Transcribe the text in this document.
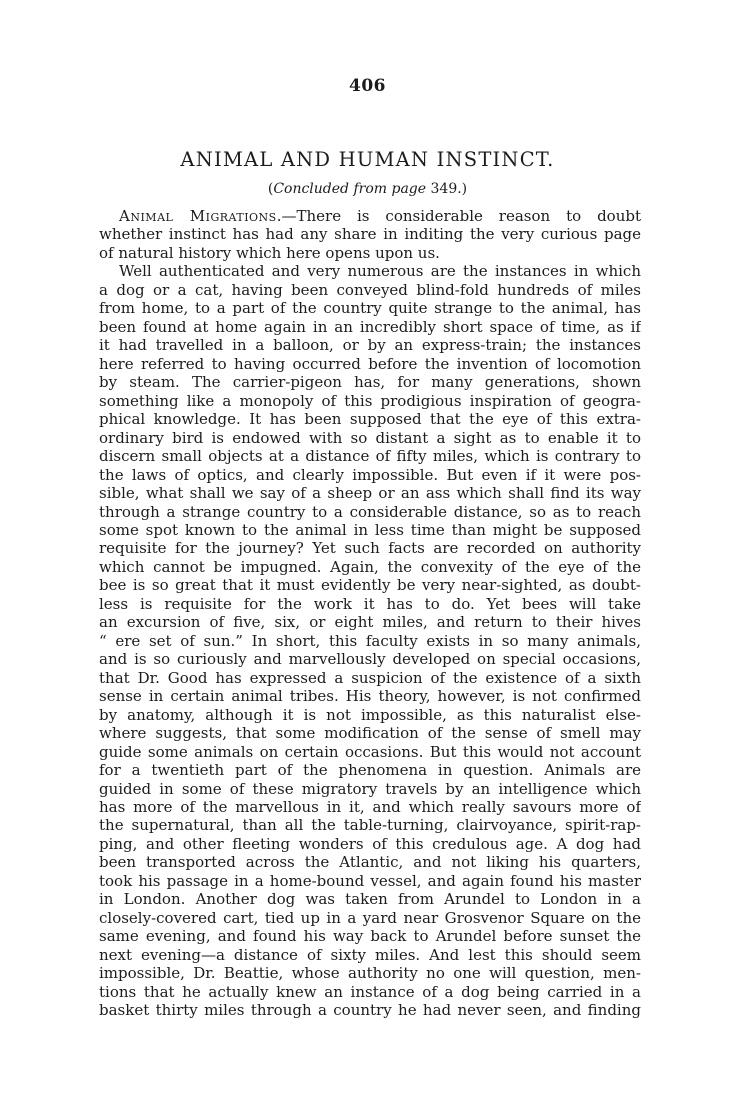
406
ANIMAL AND HUMAN INSTINCT.
(Concluded from page 349.)
Animal Migrations.—There is considerable reason to doubt
whether instinct has had any share in inditing the very curious page
of natural history which here opens upon us.
Well authenticated and very numerous are the instances in which
a dog or a cat, having been conveyed blind-fold hundreds of miles
from home, to a part of the country quite strange to the animal, has
been found at home again in an incredibly short space of time, as if
it had travelled in a balloon, or by an express-train; the instances
here referred to having occurred before the invention of locomotion
by steam. The carrier-pigeon has, for many generations, shown
something like a monopoly of this prodigious inspiration of geogra-
phical knowledge. It has been supposed that the eye of this extra-
ordinary bird is endowed with so distant a sight as to enable it to
discern small objects at a distance of fifty miles, which is contrary to
the laws of optics, and clearly impossible. But even if it were pos-
sible, what shall we say of a sheep or an ass which shall find its way
through a strange country to a considerable distance, so as to reach
some spot known to the animal in less time than might be supposed
requisite for the journey? Yet such facts are recorded on authority
which cannot be impugned. Again, the convexity of the eye of the
bee is so great that it must evidently be very near-sighted, as doubt-
less is requisite for the work it has to do. Yet bees will take
an excursion of five, six, or eight miles, and return to their hives
“ ere set of sun.” In short, this faculty exists in so many animals,
and is so curiously and marvellously developed on special occasions,
that Dr. Good has expressed a suspicion of the existence of a sixth
sense in certain animal tribes. His theory, however, is not confirmed
by anatomy, although it is not impossible, as this naturalist else-
where suggests, that some modification of the sense of smell may
guide some animals on certain occasions. But this would not account
for a twentieth part of the phenomena in question. Animals are
guided in some of these migratory travels by an intelligence which
has more of the marvellous in it, and which really savours more of
the supernatural, than all the table-turning, clairvoyance, spirit-rap-
ping, and other fleeting wonders of this credulous age. A dog had
been transported across the Atlantic, and not liking his quarters,
took his passage in a home-bound vessel, and again found his master
in London. Another dog was taken from Arundel to London in a
closely-covered cart, tied up in a yard near Grosvenor Square on the
same evening, and found his way back to Arundel before sunset the
next evening—a distance of sixty miles. And lest this should seem
impossible, Dr. Beattie, whose authority no one will question, men-
tions that he actually knew an instance of a dog being carried in a
basket thirty miles through a country he had never seen, and finding
